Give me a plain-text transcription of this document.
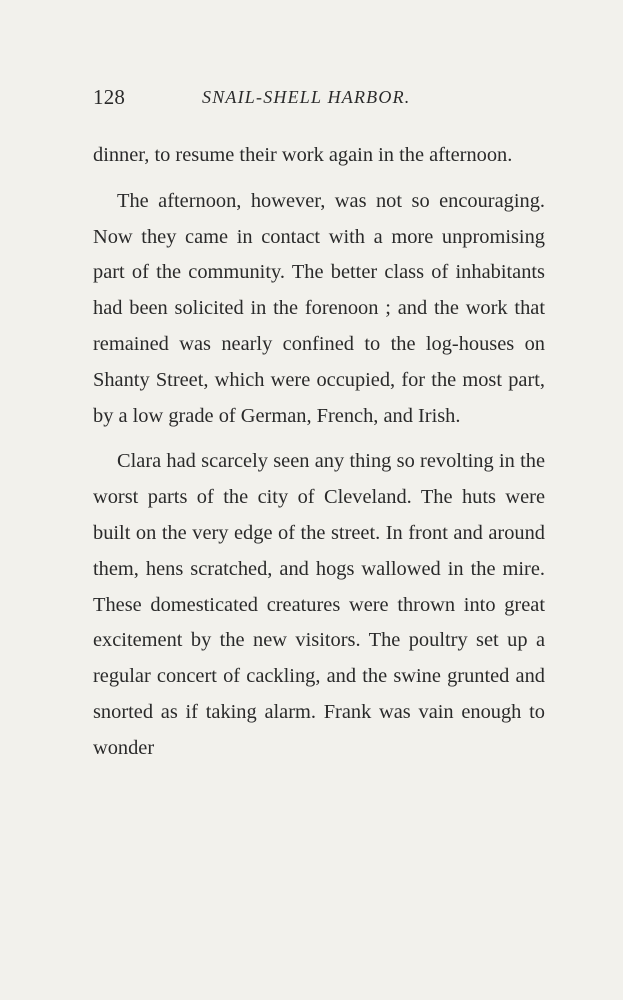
128	SNAIL-SHELL HARBOR.

dinner, to resume their work again in the afternoon.

The afternoon, however, was not so encouraging. Now they came in contact with a more unpromising part of the community. The better class of inhabitants had been solicited in the forenoon ; and the work that remained was nearly confined to the log-houses on Shanty Street, which were occupied, for the most part, by a low grade of German, French, and Irish.

Clara had scarcely seen any thing so revolting in the worst parts of the city of Cleveland. The huts were built on the very edge of the street. In front and around them, hens scratched, and hogs wallowed in the mire. These domesticated creatures were thrown into great excitement by the new visitors. The poultry set up a regular concert of cackling, and the swine grunted and snorted as if taking alarm. Frank was vain enough to wonder
